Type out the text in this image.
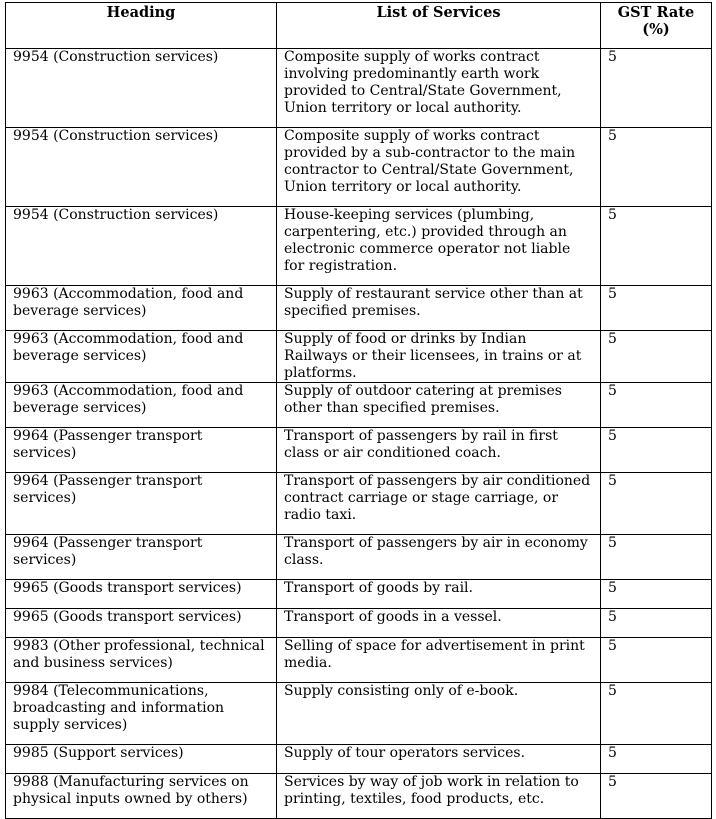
Heading	List of Services	GST Rate (%)
9954 (Construction services)	Composite supply of works contract involving predominantly earth work provided to Central/State Government, Union territory or local authority.	5
9954 (Construction services)	Composite supply of works contract provided by a sub-contractor to the main contractor to Central/State Government, Union territory or local authority.	5
9954 (Construction services)	House-keeping services (plumbing, carpentering, etc.) provided through an electronic commerce operator not liable for registration.	5
9963 (Accommodation, food and beverage services)	Supply of restaurant service other than at specified premises.	5
9963 (Accommodation, food and beverage services)	Supply of food or drinks by Indian Railways or their licensees, in trains or at platforms.	5
9963 (Accommodation, food and beverage services)	Supply of outdoor catering at premises other than specified premises.	5
9964 (Passenger transport services)	Transport of passengers by rail in first class or air conditioned coach.	5
9964 (Passenger transport services)	Transport of passengers by air conditioned contract carriage or stage carriage, or radio taxi.	5
9964 (Passenger transport services)	Transport of passengers by air in economy class.	5
9965 (Goods transport services)	Transport of goods by rail.	5
9965 (Goods transport services)	Transport of goods in a vessel.	5
9983 (Other professional, technical and business services)	Selling of space for advertisement in print media.	5
9984 (Telecommunications, broadcasting and information supply services)	Supply consisting only of e-book.	5
9985 (Support services)	Supply of tour operators services.	5
9988 (Manufacturing services on physical inputs owned by others)	Services by way of job work in relation to printing, textiles, food products, etc.	5
